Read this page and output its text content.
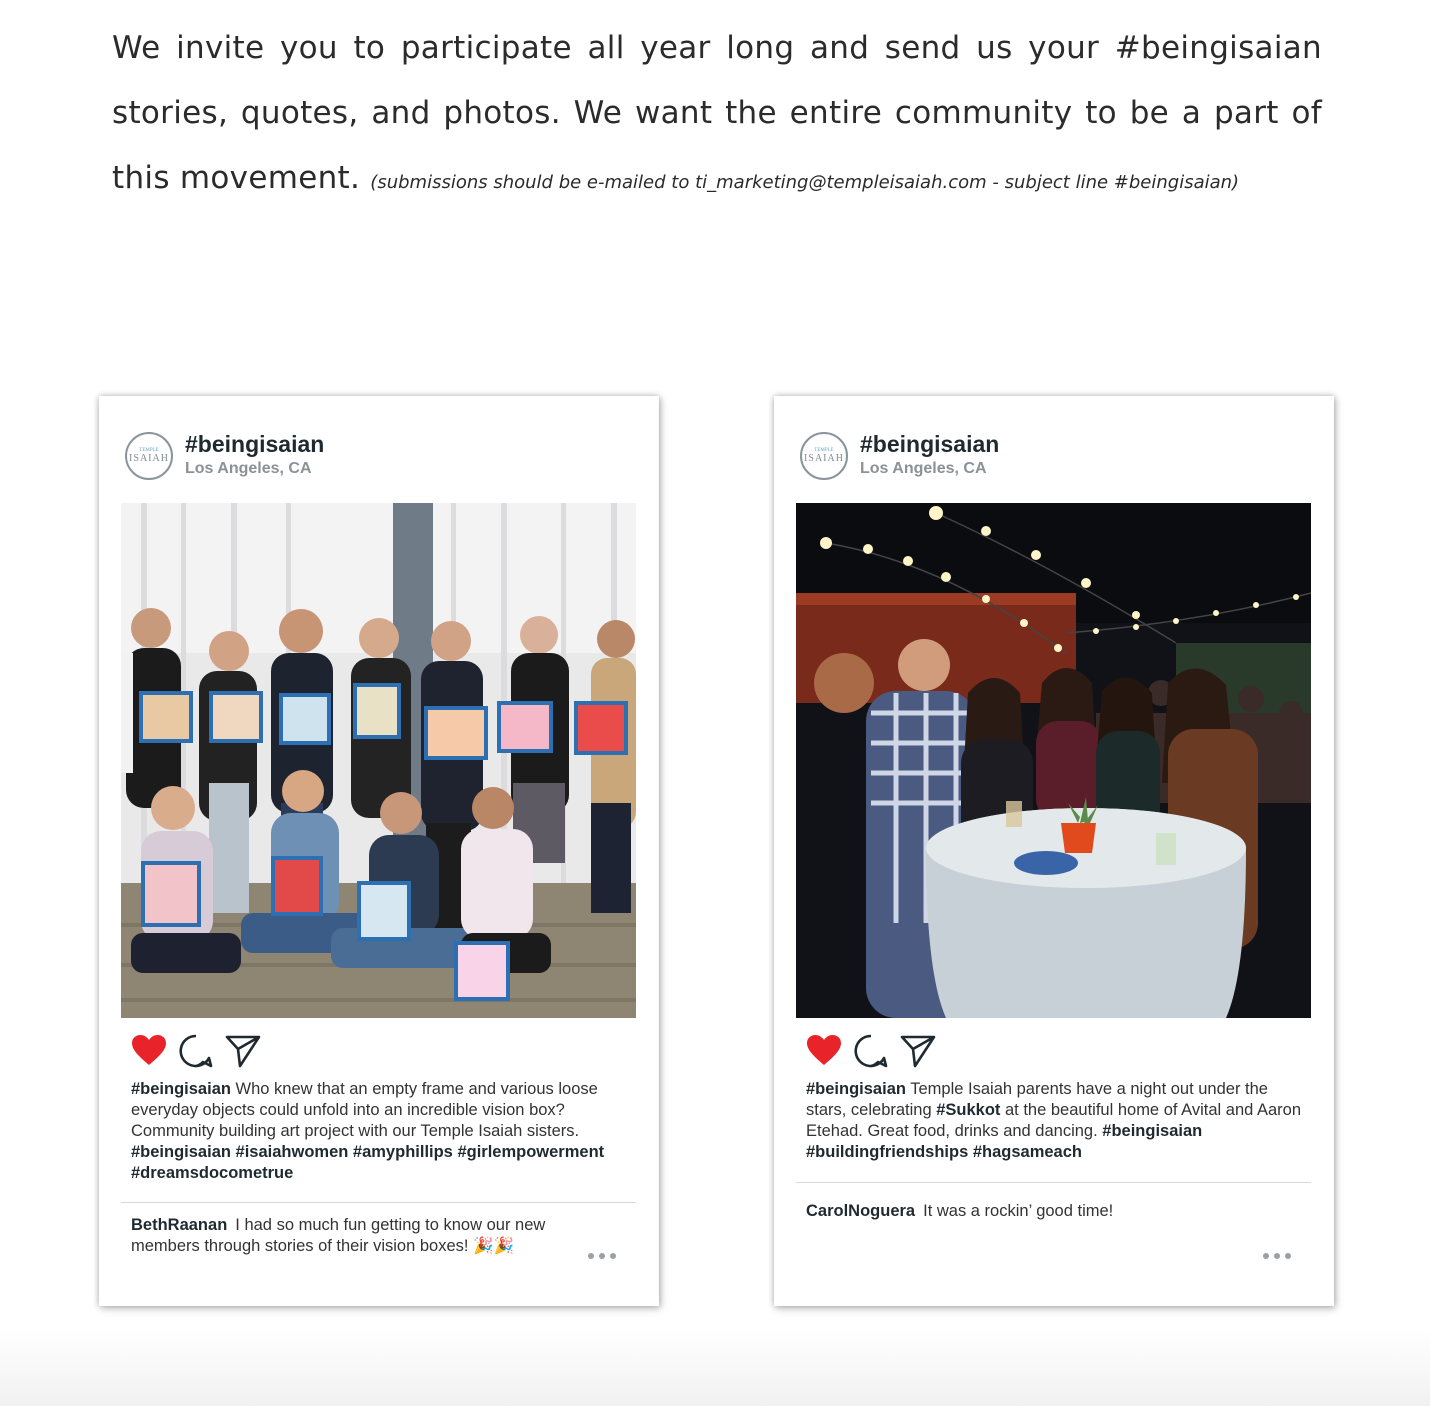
We invite you to participate all year long and send us your #beingisaian stories, quotes, and photos. We want the entire community to be a part of this movement. (submissions should be e-mailed to ti_marketing@templeisaiah.com - subject line #beingisaian)
TEMPLE
ISAIAH
#beingisaian
Los Angeles, CA
#beingisaian Who knew that an empty frame and various loose everyday objects could unfold into an incredible vision box? Community building art project with our Temple Isaiah sisters.
#beingisaian #isaiahwomen #amyphillips #girlempowerment #dreamsdocometrue
BethRaanan I had so much fun getting to know our new members through stories of their vision boxes! 🎉🎉
TEMPLE
ISAIAH
#beingisaian
Los Angeles, CA
#beingisaian Temple Isaiah parents have a night out under the stars, celebrating #Sukkot at the beautiful home of Avital and Aaron Etehad. Great food, drinks and dancing. #beingisaian
#buildingfriendships #hagsameach
CarolNoguera It was a rockin’ good time!
